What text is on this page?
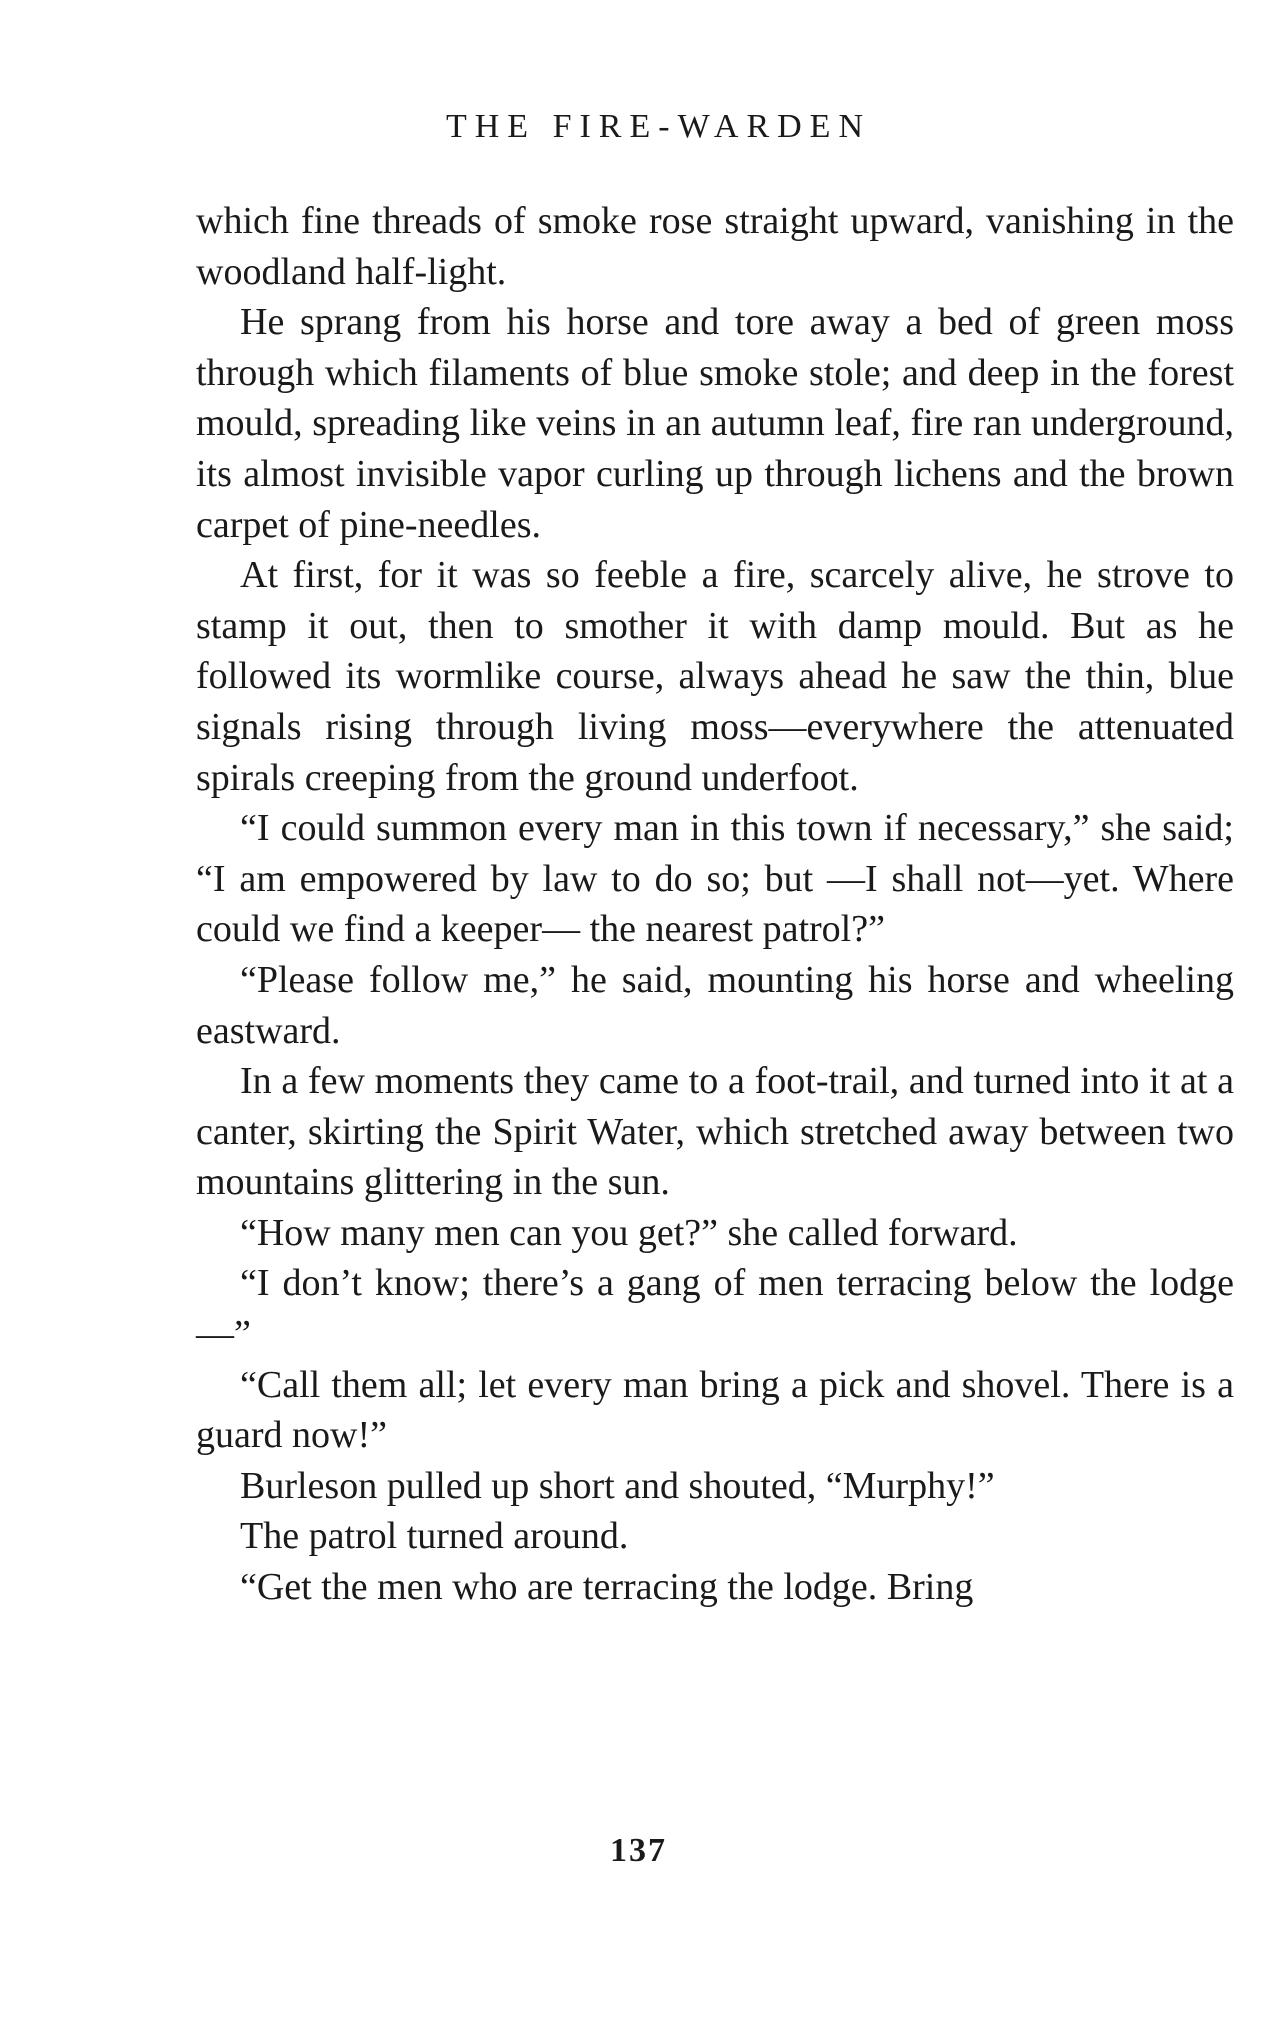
THE FIRE-WARDEN

which fine threads of smoke rose straight upward, vanishing in the woodland half-light.

He sprang from his horse and tore away a bed of green moss through which filaments of blue smoke stole; and deep in the forest mould, spreading like veins in an autumn leaf, fire ran underground, its almost invisible vapor curling up through lichens and the brown carpet of pine-needles.

At first, for it was so feeble a fire, scarcely alive, he strove to stamp it out, then to smother it with damp mould. But as he followed its wormlike course, always ahead he saw the thin, blue signals rising through living moss—everywhere the attenuated spirals creeping from the ground underfoot.

“I could summon every man in this town if necessary,” she said; “I am empowered by law to do so; but —I shall not—yet. Where could we find a keeper— the nearest patrol?”

“Please follow me,” he said, mounting his horse and wheeling eastward.

In a few moments they came to a foot-trail, and turned into it at a canter, skirting the Spirit Water, which stretched away between two mountains glittering in the sun.

“How many men can you get?” she called forward.

“I don’t know; there’s a gang of men terracing below the lodge—”

“Call them all; let every man bring a pick and shovel. There is a guard now!”

Burleson pulled up short and shouted, “Murphy!”

The patrol turned around.

“Get the men who are terracing the lodge. Bring

137
